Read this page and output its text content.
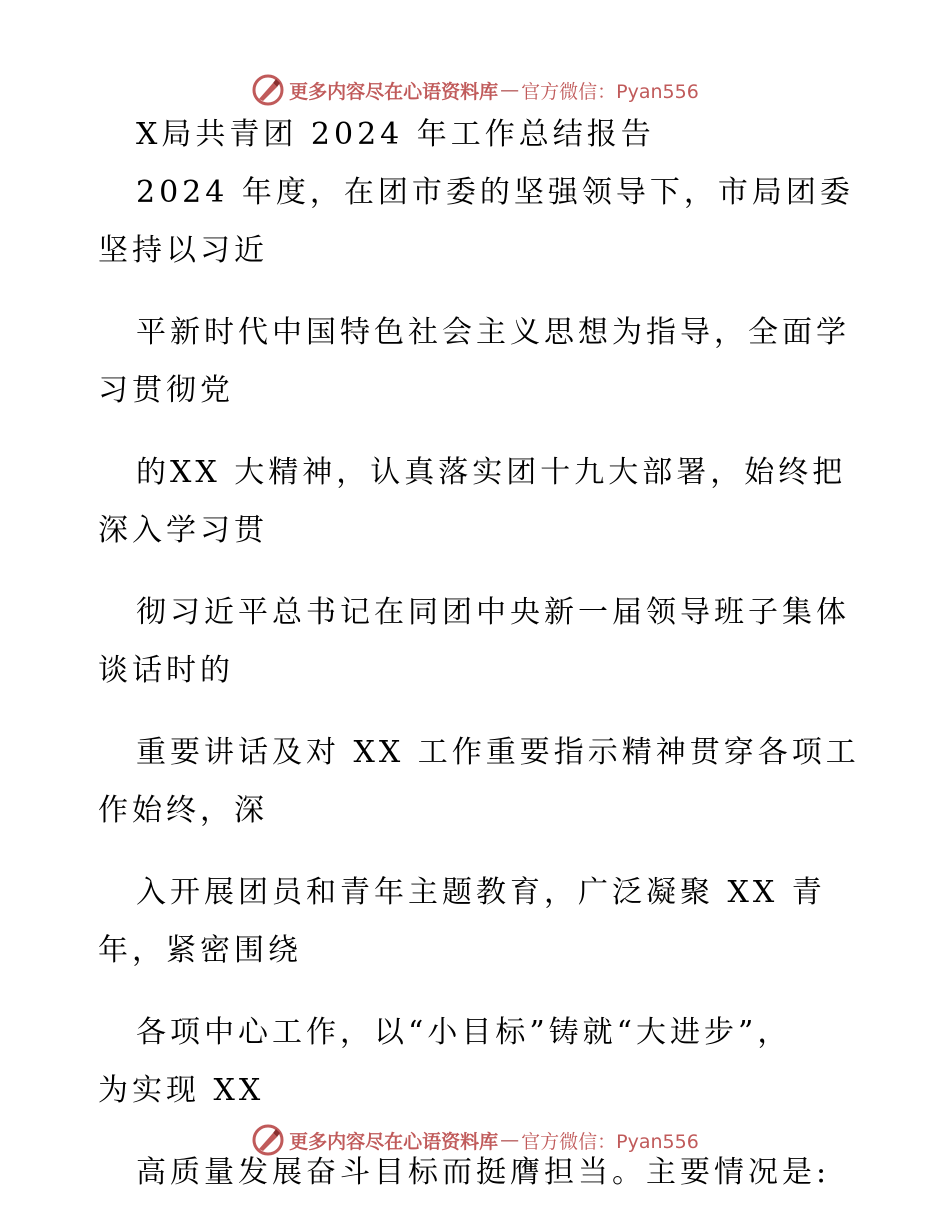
更多内容尽在心语资料库 — 官方微信：Pyan556

X局共青团 2024 年工作总结报告

2024 年度，在团市委的坚强领导下，市局团委

坚持以习近

平新时代中国特色社会主义思想为指导，全面学

习贯彻党

的XX 大精神，认真落实团十九大部署，始终把

深入学习贯

彻习近平总书记在同团中央新一届领导班子集体

谈话时的

重要讲话及对 XX 工作重要指示精神贯穿各项工

作始终，深

入开展团员和青年主题教育，广泛凝聚 XX 青

年，紧密围绕

各项中心工作，以“小目标”铸就“大进步”，

为实现 XX

高质量发展奋斗目标而挺膺担当。主要情况是:

更多内容尽在心语资料库 — 官方微信：Pyan556
